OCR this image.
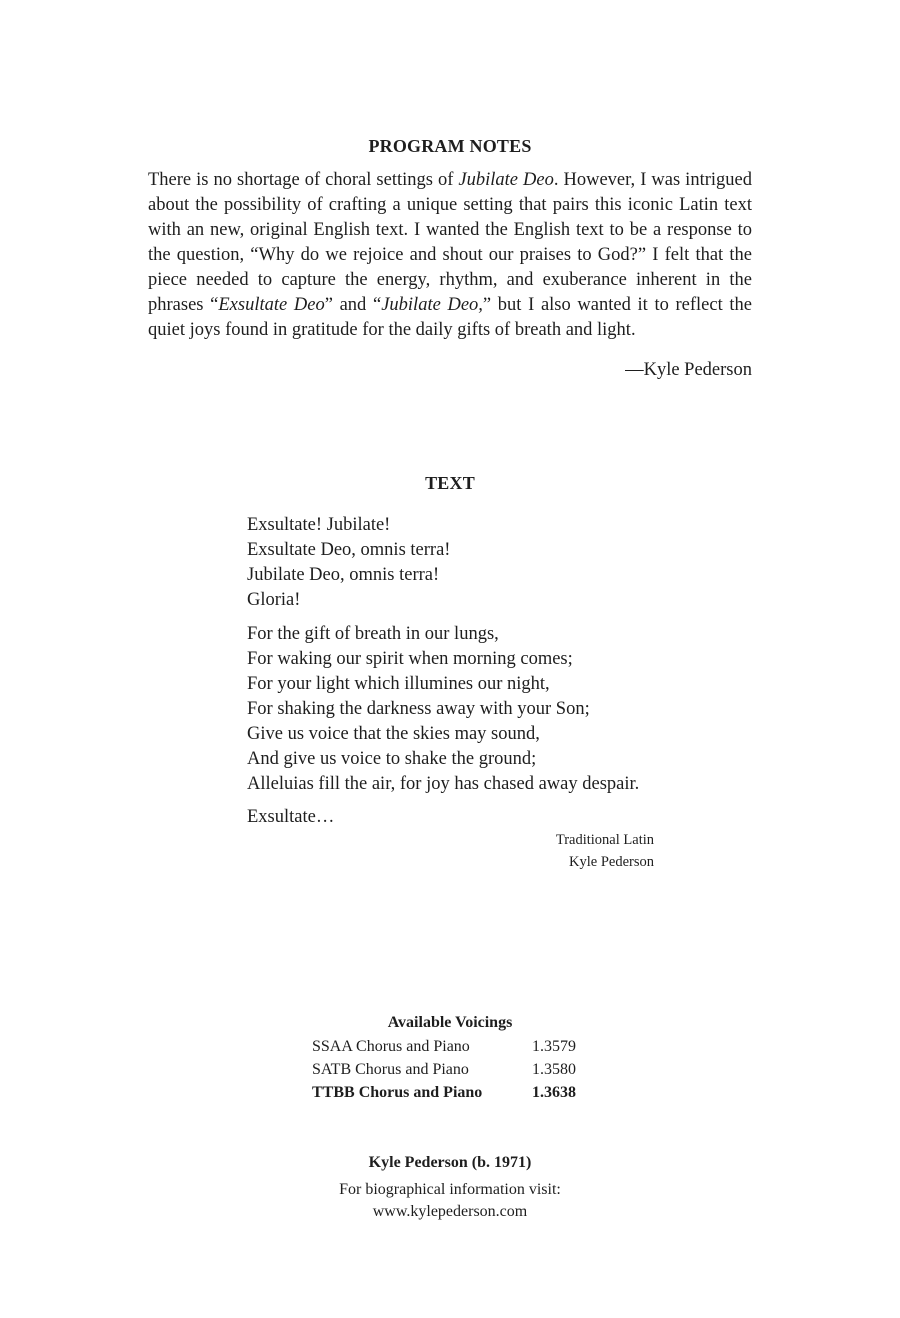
PROGRAM NOTES
There is no shortage of choral settings of Jubilate Deo. However, I was intrigued
about the possibility of crafting a unique setting that pairs this iconic Latin text
with an new, original English text. I wanted the English text to be a response to
the question, “Why do we rejoice and shout our praises to God?” I felt that the
piece needed to capture the energy, rhythm, and exuberance inherent in the
phrases “Exsultate Deo” and “Jubilate Deo,” but I also wanted it to reflect the
quiet joys found in gratitude for the daily gifts of breath and light.
—Kyle Pederson
TEXT
Exsultate! Jubilate!
Exsultate Deo, omnis terra!
Jubilate Deo, omnis terra!
Gloria!
For the gift of breath in our lungs,
For waking our spirit when morning comes;
For your light which illumines our night,
For shaking the darkness away with your Son;
Give us voice that the skies may sound,
And give us voice to shake the ground;
Alleluias fill the air, for joy has chased away despair.
Exsultate…
Traditional Latin
Kyle Pederson
Available Voicings
SSAA Chorus and Piano	1.3579
SATB Chorus and Piano	1.3580
TTBB Chorus and Piano	1.3638
Kyle Pederson (b. 1971)
For biographical information visit:
www.kylepederson.com
